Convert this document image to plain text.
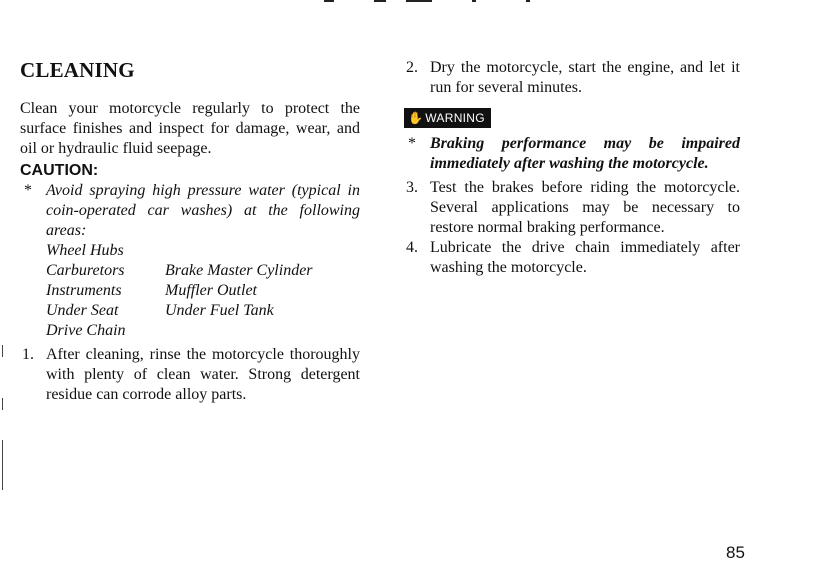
CLEANING

Clean your motorcycle regularly to protect the surface finishes and inspect for damage, wear, and oil or hydraulic fluid seepage.

CAUTION:
* Avoid spraying high pressure water (typical in coin-operated car washes) at the following areas:
Wheel Hubs
Carburetors	Brake Master Cylinder
Instruments	Muffler Outlet
Under Seat	Under Fuel Tank
Drive Chain
1. After cleaning, rinse the motorcycle thoroughly with plenty of clean water. Strong detergent residue can corrode alloy parts.
2. Dry the motorcycle, start the engine, and let it run for several minutes.
✋ WARNING
* Braking performance may be impaired immediately after washing the motorcycle.
3. Test the brakes before riding the motorcycle. Several applications may be necessary to restore normal braking performance.
4. Lubricate the drive chain immediately after washing the motorcycle.
85
